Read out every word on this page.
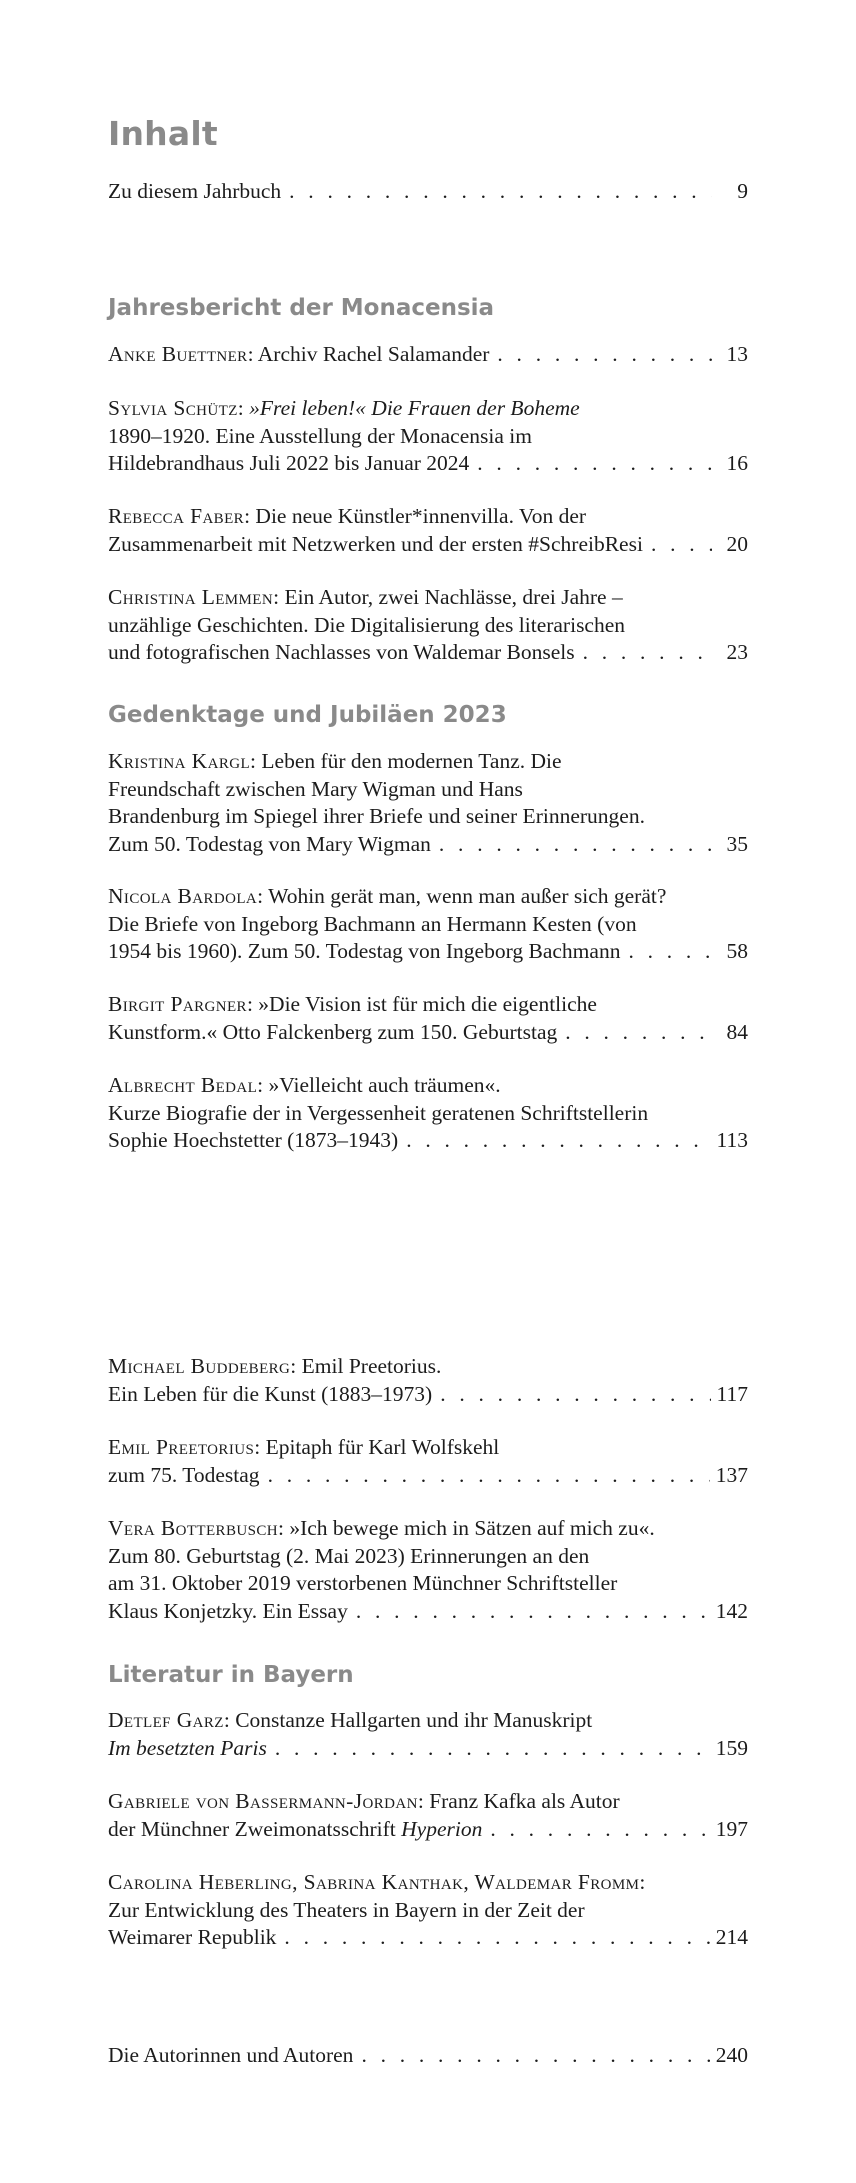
Inhalt
Zu diesem Jahrbuch . . .	9
Jahresbericht der Monacensia
Anke Buettner: Archiv Rachel Salamander . . .	13
Sylvia Schütz: »Frei leben!« Die Frauen der Boheme
1890–1920. Eine Ausstellung der Monacensia im
Hildebrandhaus Juli 2022 bis Januar 2024 . . .	16
Rebecca Faber: Die neue Künstler*innenvilla. Von der
Zusammenarbeit mit Netzwerken und der ersten #SchreibResi . . .	20
Christina Lemmen: Ein Autor, zwei Nachlässe, drei Jahre –
unzählige Geschichten. Die Digitalisierung des literarischen
und fotografischen Nachlasses von Waldemar Bonsels . . .	23
Gedenktage und Jubiläen 2023
Kristina Kargl: Leben für den modernen Tanz. Die
Freundschaft zwischen Mary Wigman und Hans
Brandenburg im Spiegel ihrer Briefe und seiner Erinnerungen.
Zum 50. Todestag von Mary Wigman . . .	35
Nicola Bardola: Wohin gerät man, wenn man außer sich gerät?
Die Briefe von Ingeborg Bachmann an Hermann Kesten (von
1954 bis 1960). Zum 50. Todestag von Ingeborg Bachmann . . .	58
Birgit Pargner: »Die Vision ist für mich die eigentliche
Kunstform.« Otto Falckenberg zum 150. Geburtstag . . .	84
Albrecht Bedal: »Vielleicht auch träumen«.
Kurze Biografie der in Vergessenheit geratenen Schriftstellerin
Sophie Hoechstetter (1873–1943) . . .	113
Michael Buddeberg: Emil Preetorius.
Ein Leben für die Kunst (1883–1973) . . .	117
Emil Preetorius: Epitaph für Karl Wolfskehl
zum 75. Todestag . . .	137
Vera Botterbusch: »Ich bewege mich in Sätzen auf mich zu«.
Zum 80. Geburtstag (2. Mai 2023) Erinnerungen an den
am 31. Oktober 2019 verstorbenen Münchner Schriftsteller
Klaus Konjetzky. Ein Essay . . .	142
Literatur in Bayern
Detlef Garz: Constanze Hallgarten und ihr Manuskript
Im besetzten Paris . . .	159
Gabriele von Bassermann-Jordan: Franz Kafka als Autor
der Münchner Zweimonatsschrift Hyperion . . .	197
Carolina Heberling, Sabrina Kanthak, Waldemar Fromm:
Zur Entwicklung des Theaters in Bayern in der Zeit der
Weimarer Republik . . .	214
Die Autorinnen und Autoren . . .	240
